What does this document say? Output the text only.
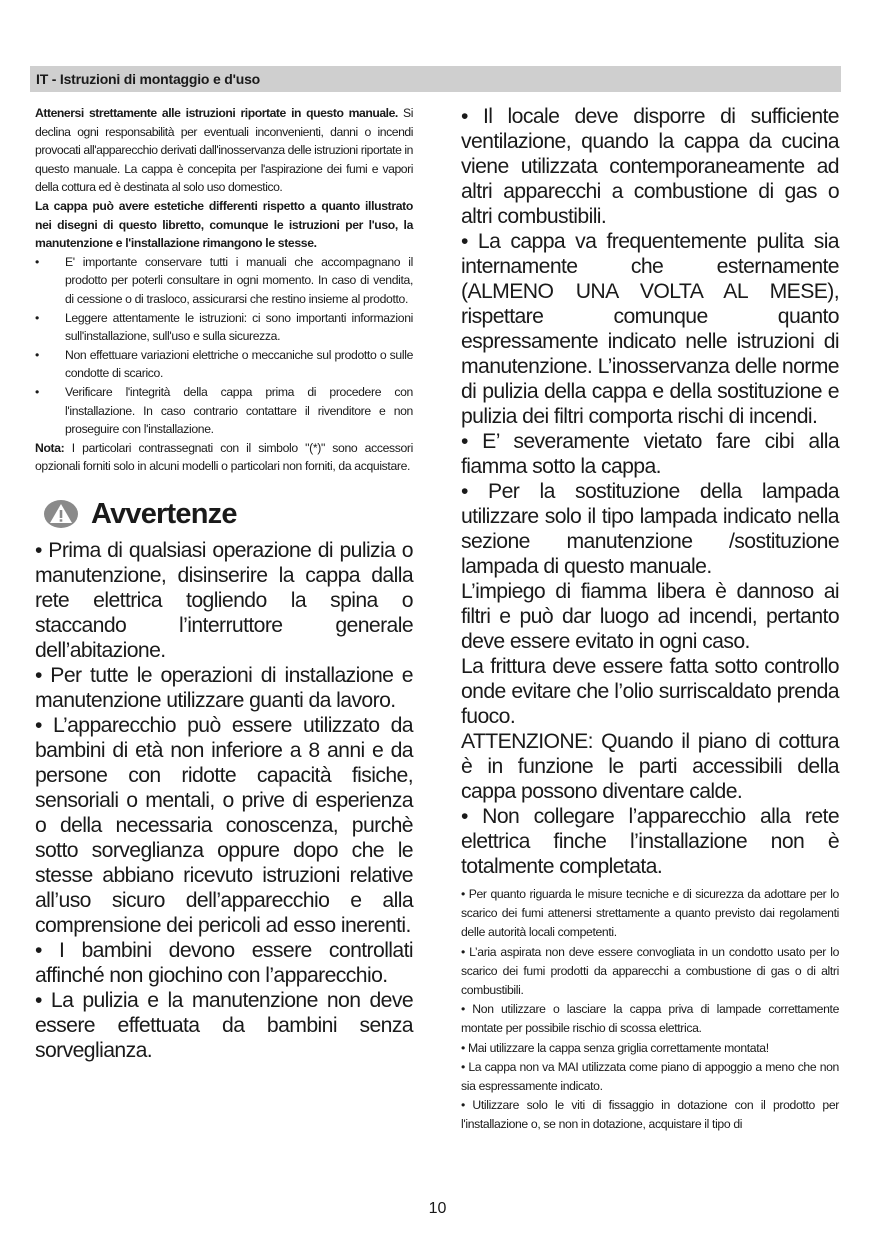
IT - Istruzioni di montaggio e d'uso

Attenersi strettamente alle istruzioni riportate in questo manuale. Si declina ogni responsabilità per eventuali inconvenienti, danni o incendi provocati all'apparecchio derivati dall'inosservanza delle istruzioni riportate in questo manuale. La cappa è concepita per l'aspirazione dei fumi e vapori della cottura ed è destinata al solo uso domestico.

La cappa può avere estetiche differenti rispetto a quanto illustrato nei disegni di questo libretto, comunque le istruzioni per l'uso, la manutenzione e l'installazione rimangono le stesse.

• E' importante conservare tutti i manuali che accompagnano il prodotto per poterli consultare in ogni momento. In caso di vendita, di cessione o di trasloco, assicurarsi che restino insieme al prodotto.
• Leggere attentamente le istruzioni: ci sono importanti informazioni sull'installazione, sull'uso e sulla sicurezza.
• Non effettuare variazioni elettriche o meccaniche sul prodotto o sulle condotte di scarico.
• Verificare l'integrità della cappa prima di procedere con l'installazione. In caso contrario contattare il rivenditore e non proseguire con l'installazione.

Nota: I particolari contrassegnati con il simbolo "(*)" sono accessori opzionali forniti solo in alcuni modelli o particolari non forniti, da acquistare.

Avvertenze

• Prima di qualsiasi operazione di pulizia o manutenzione, disinserire la cappa dalla rete elettrica togliendo la spina o staccando l’interruttore generale dell’abitazione.

• Per tutte le operazioni di installazione e manutenzione utilizzare guanti da lavoro.

• L’apparecchio può essere utilizzato da bambini di età non inferiore a 8 anni e da persone con ridotte capacità fisiche, sensoriali o mentali, o prive di esperienza o della necessaria conoscenza, purchè sotto sorveglianza oppure dopo che le stesse abbiano ricevuto istruzioni relative all’uso sicuro dell’apparecchio e alla comprensione dei pericoli ad esso inerenti.

• I bambini devono essere controllati affinché non giochino con l’apparecchio.

• La pulizia e la manutenzione non deve essere effettuata da bambini senza sorveglianza.

• Il locale deve disporre di sufficiente ventilazione, quando la cappa da cucina viene utilizzata contemporaneamente ad altri apparecchi a combustione di gas o altri combustibili.

• La cappa va frequentemente pulita sia internamente che esternamente (ALMENO UNA VOLTA AL MESE), rispettare comunque quanto espressamente indicato nelle istruzioni di manutenzione. L’inosservanza delle norme di pulizia della cappa e della sostituzione e pulizia dei filtri comporta rischi di incendi.

• E’ severamente vietato fare cibi alla fiamma sotto la cappa.

• Per la sostituzione della lampada utilizzare solo il tipo lampada indicato nella sezione manutenzione /sostituzione lampada di questo manuale.

L’impiego di fiamma libera è dannoso ai filtri e può dar luogo ad incendi, pertanto deve essere evitato in ogni caso.

La frittura deve essere fatta sotto controllo onde evitare che l’olio surriscaldato prenda fuoco.

ATTENZIONE: Quando il piano di cottura è in funzione le parti accessibili della cappa possono diventare calde.

• Non collegare l’apparecchio alla rete elettrica finche l’installazione non è totalmente completata.

• Per quanto riguarda le misure tecniche e di sicurezza da adottare per lo scarico dei fumi attenersi strettamente a quanto previsto dai regolamenti delle autorità locali competenti.

• L’aria aspirata non deve essere convogliata in un condotto usato per lo scarico dei fumi prodotti da apparecchi a combustione di gas o di altri combustibili.

• Non utilizzare o lasciare la cappa priva di lampade correttamente montate per possibile rischio di scossa elettrica.

• Mai utilizzare la cappa senza griglia correttamente montata!

• La cappa non va MAI utilizzata come piano di appoggio a meno che non sia espressamente indicato.

• Utilizzare solo le viti di fissaggio in dotazione con il prodotto per l'installazione o, se non in dotazione, acquistare il tipo di

10
